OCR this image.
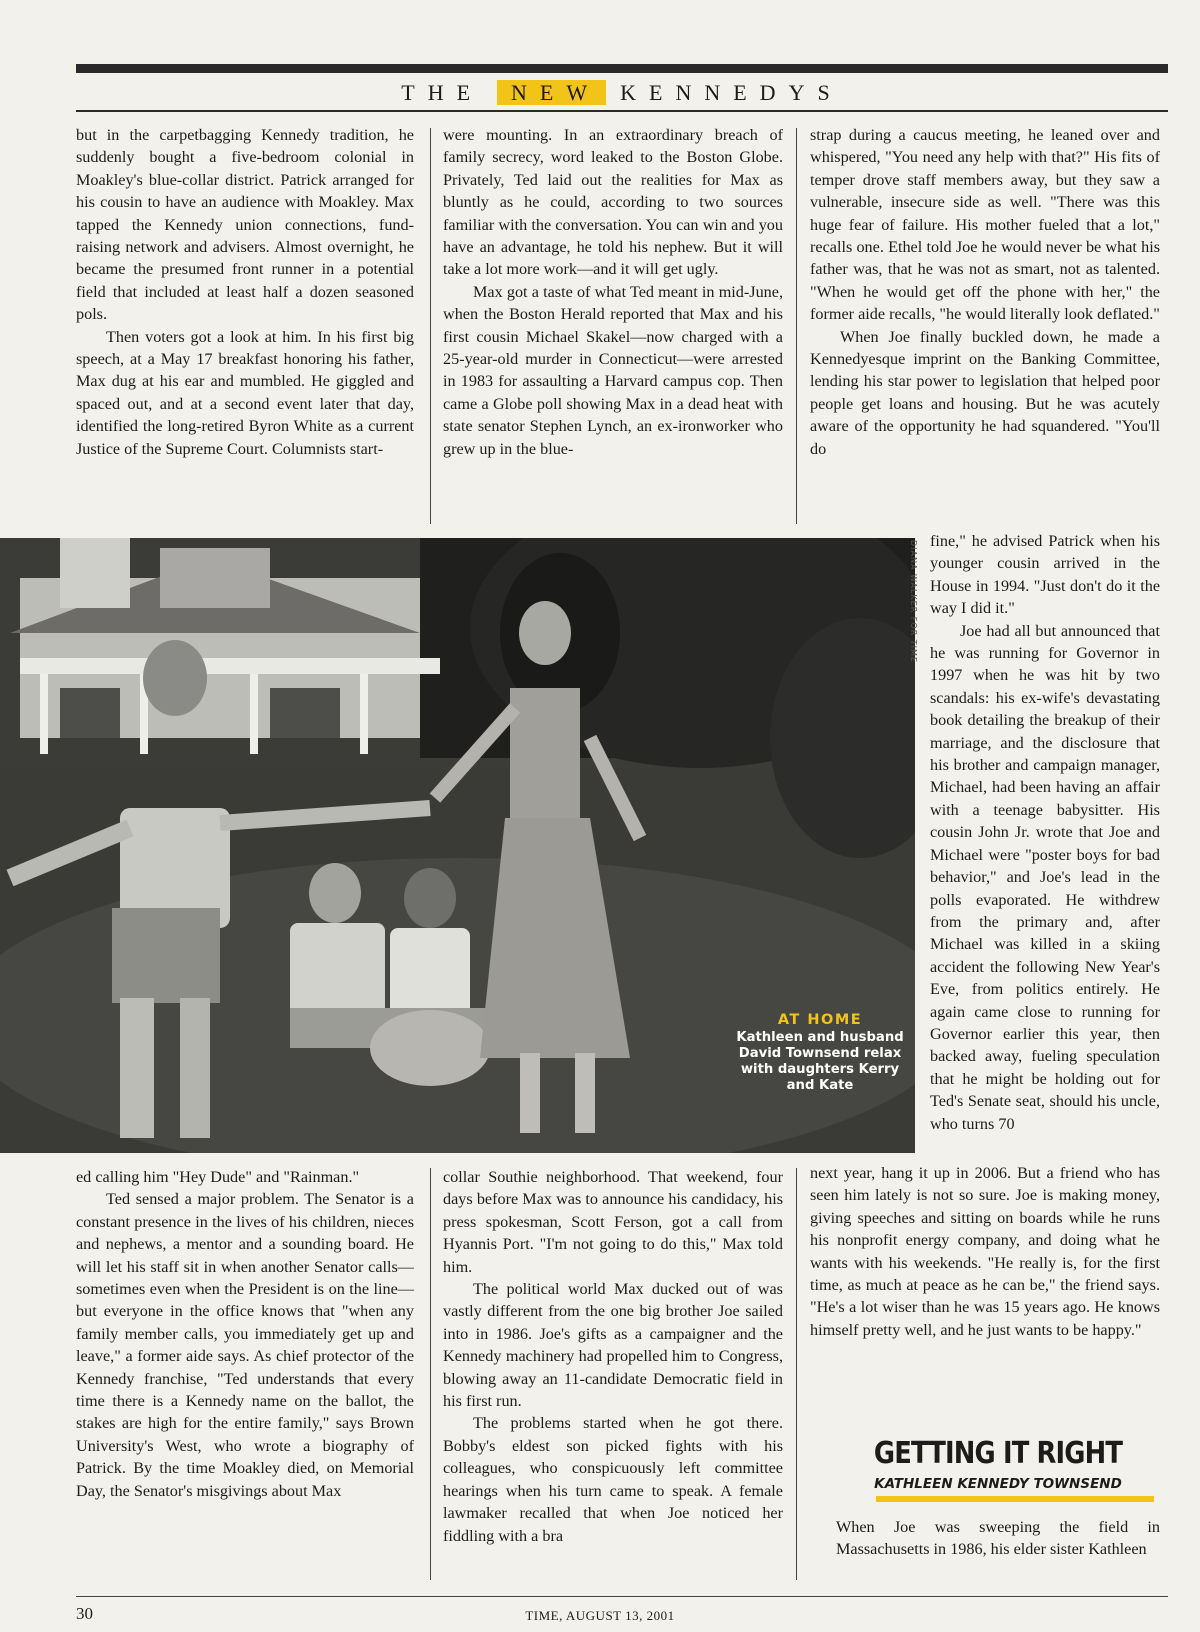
THE NEW KENNEDYS

but in the carpetbagging Kennedy tradition, he suddenly bought a five-bedroom colonial in Moakley's blue-collar district. Patrick arranged for his cousin to have an audience with Moakley. Max tapped the Kennedy union connections, fund-raising network and advisers. Almost overnight, he became the presumed front runner in a potential field that included at least half a dozen seasoned pols.

Then voters got a look at him. In his first big speech, at a May 17 breakfast honoring his father, Max dug at his ear and mumbled. He giggled and spaced out, and at a second event later that day, identified the long-retired Byron White as a current Justice of the Supreme Court. Columnists start-

were mounting. In an extraordinary breach of family secrecy, word leaked to the Boston Globe. Privately, Ted laid out the realities for Max as bluntly as he could, according to two sources familiar with the conversation. You can win and you have an advantage, he told his nephew. But it will take a lot more work—and it will get ugly.

Max got a taste of what Ted meant in mid-June, when the Boston Herald reported that Max and his first cousin Michael Skakel—now charged with a 25-year-old murder in Connecticut—were arrested in 1983 for assaulting a Harvard campus cop. Then came a Globe poll showing Max in a dead heat with state senator Stephen Lynch, an ex-ironworker who grew up in the blue-

strap during a caucus meeting, he leaned over and whispered, "You need any help with that?" His fits of temper drove staff members away, but they saw a vulnerable, insecure side as well. "There was this huge fear of failure. His mother fueled that a lot," recalls one. Ethel told Joe he would never be what his father was, that he was not as smart, not as talented. "When he would get off the phone with her," the former aide recalls, "he would literally look deflated."

When Joe finally buckled down, he made a Kennedyesque imprint on the Banking Committee, lending his star power to legislation that helped poor people get loans and housing. But he was acutely aware of the opportunity he had squandered. "You'll do

DIANA WALKER FOR TIME
AT HOME
Kathleen and husband David Townsend relax with daughters Kerry and Kate

fine," he advised Patrick when his younger cousin arrived in the House in 1994. "Just don't do it the way I did it."

Joe had all but announced that he was running for Governor in 1997 when he was hit by two scandals: his ex-wife's devastating book detailing the breakup of their marriage, and the disclosure that his brother and campaign manager, Michael, had been having an affair with a teenage babysitter. His cousin John Jr. wrote that Joe and Michael were "poster boys for bad behavior," and Joe's lead in the polls evaporated. He withdrew from the primary and, after Michael was killed in a skiing accident the following New Year's Eve, from politics entirely. He again came close to running for Governor earlier this year, then backed away, fueling speculation that he might be holding out for Ted's Senate seat, should his uncle, who turns 70

ed calling him "Hey Dude" and "Rainman."

Ted sensed a major problem. The Senator is a constant presence in the lives of his children, nieces and nephews, a mentor and a sounding board. He will let his staff sit in when another Senator calls—sometimes even when the President is on the line—but everyone in the office knows that "when any family member calls, you immediately get up and leave," a former aide says. As chief protector of the Kennedy franchise, "Ted understands that every time there is a Kennedy name on the ballot, the stakes are high for the entire family," says Brown University's West, who wrote a biography of Patrick. By the time Moakley died, on Memorial Day, the Senator's misgivings about Max

collar Southie neighborhood. That weekend, four days before Max was to announce his candidacy, his press spokesman, Scott Ferson, got a call from Hyannis Port. "I'm not going to do this," Max told him.

The political world Max ducked out of was vastly different from the one big brother Joe sailed into in 1986. Joe's gifts as a campaigner and the Kennedy machinery had propelled him to Congress, blowing away an 11-candidate Democratic field in his first run.

The problems started when he got there. Bobby's eldest son picked fights with his colleagues, who conspicuously left committee hearings when his turn came to speak. A female lawmaker recalled that when Joe noticed her fiddling with a bra

next year, hang it up in 2006. But a friend who has seen him lately is not so sure. Joe is making money, giving speeches and sitting on boards while he runs his nonprofit energy company, and doing what he wants with his weekends. "He really is, for the first time, as much at peace as he can be," the friend says. "He's a lot wiser than he was 15 years ago. He knows himself pretty well, and he just wants to be happy."

GETTING IT RIGHT
KATHLEEN KENNEDY TOWNSEND

When Joe was sweeping the field in Massachusetts in 1986, his elder sister Kathleen

30	TIME, AUGUST 13, 2001
